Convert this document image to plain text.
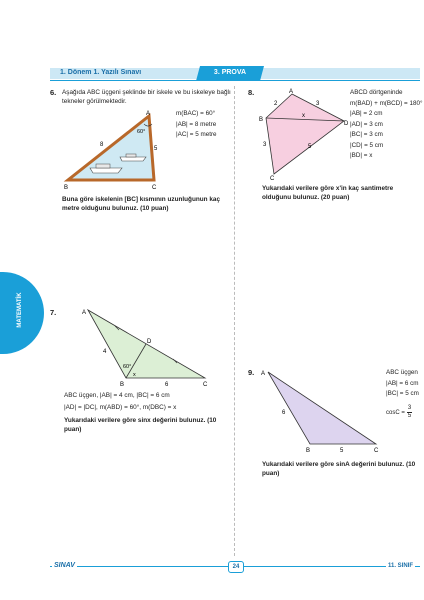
1. Dönem 1. Yazılı Sınavı	3. PROVA
MATEMATİK
6. Aşağıda ABC üçgeni şeklinde bir iskele ve bu iskeleye bağlı tekneler görülmektedir.
A
B	C
60°
8
5
m(BAC) = 60°
|AB| = 8 metre
|AC| = 5 metre
Buna göre iskelenin [BC] kısmının uzunluğunun kaç metre olduğunu bulunuz. (10 puan)
8.	A
B
C
D
2	3
3	5
x
ABCD dörtgeninde
m(BAD) + m(BCD) = 180°
|AB| = 2 cm
|AD| = 3 cm
|BC| = 3 cm
|CD| = 5 cm
|BD| = x
Yukarıdaki verilere göre x'in kaç santimetre olduğunu bulunuz. (20 puan)
7.	A
B	C
D
4
6
60°
x
ABC üçgen, |AB| = 4 cm, |BC| = 6 cm
|AD| = |DC|, m(ABD) = 60°, m(DBC) = x
Yukarıdaki verilere göre sinx değerini bulunuz. (10 puan)
9. A
B	C
6
5
ABC üçgen
|AB| = 6 cm
|BC| = 5 cm
$\cos C = \frac{3}{5}$
Yukarıdaki verilere göre sinA değerini bulunuz. (10 puan)
SINAV	24	11. SINIF
